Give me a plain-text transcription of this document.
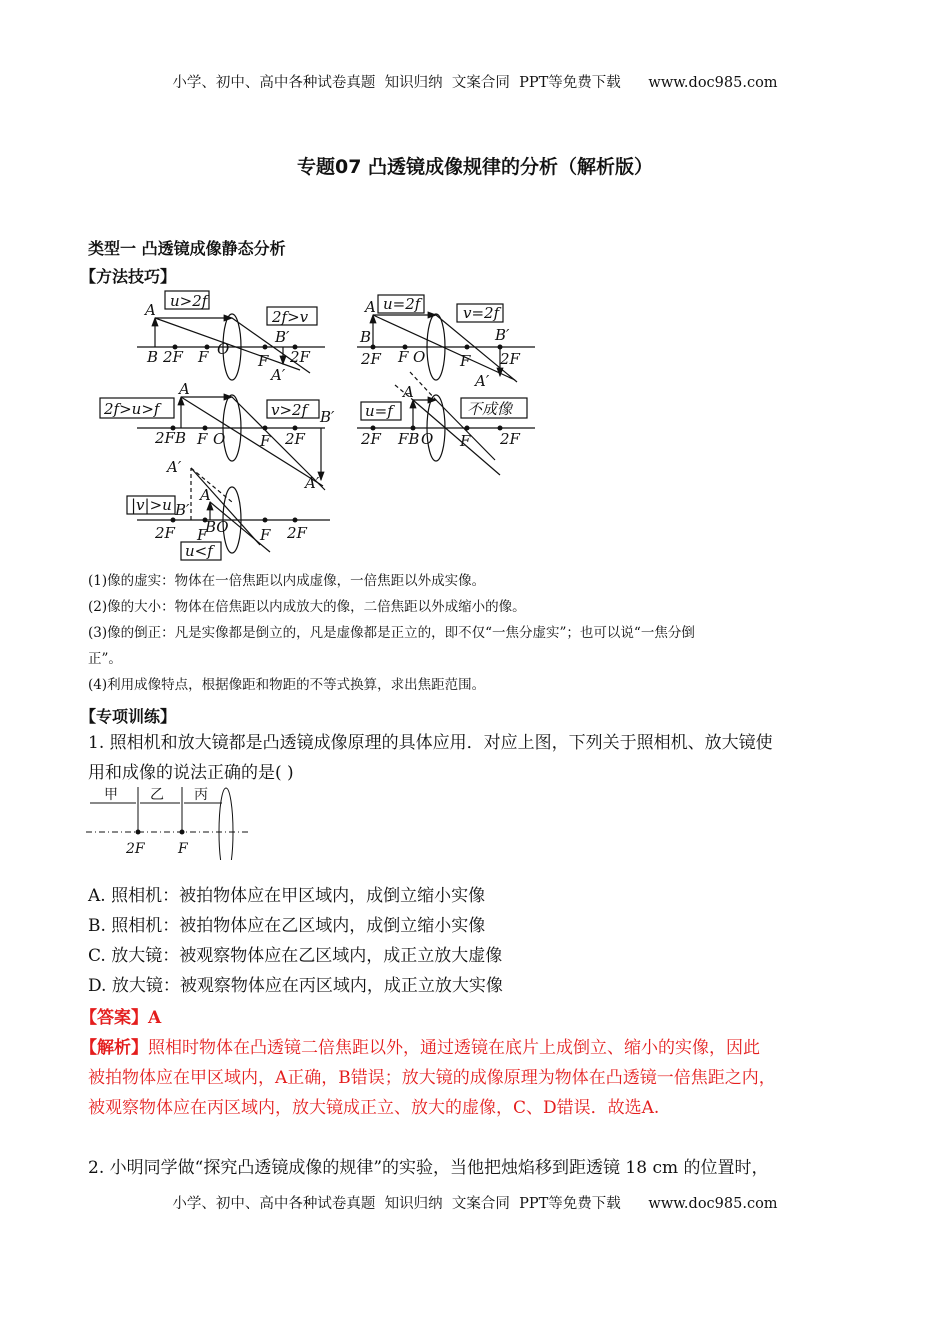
小学、初中、高中各种试卷真题  知识归纳  文案合同  PPT等免费下载      www.doc985.com
专题07 凸透镜成像规律的分析（解析版）
类型一 凸透镜成像静态分析
【方法技巧】
u>2f
2f>v
A
B 2F F O
B′
F 2F
A′
u=2f	v=2f
A
B
2F F O
B′
F 2F
A′
2f>u>f	v>2f
A
2FB F O F 2F
B′
A′
u=f	不成像
A
2F FB O F 2F
|v|>u
u<f
A′
A
B′
2F F
BO F 2F
(1)像的虚实：物体在一倍焦距以内成虚像，一倍焦距以外成实像。
(2)像的大小：物体在倍焦距以内成放大的像，二倍焦距以外成缩小的像。
(3)像的倒正：凡是实像都是倒立的，凡是虚像都是正立的，即不仅“一焦分虚实”；也可以说“一焦分倒
正”。
(4)利用成像特点，根据像距和物距的不等式换算，求出焦距范围。
【专项训练】
1. 照相机和放大镜都是凸透镜成像原理的具体应用．对应上图，下列关于照相机、放大镜使
用和成像的说法正确的是( )
甲 乙 丙
2F F
A. 照相机：被拍物体应在甲区域内，成倒立缩小实像
B. 照相机：被拍物体应在乙区域内，成倒立缩小实像
C. 放大镜：被观察物体应在乙区域内，成正立放大虚像
D. 放大镜：被观察物体应在丙区域内，成正立放大实像
【答案】A
【解析】照相时物体在凸透镜二倍焦距以外，通过透镜在底片上成倒立、缩小的实像，因此
被拍物体应在甲区域内，A正确，B错误；放大镜的成像原理为物体在凸透镜一倍焦距之内，
被观察物体应在丙区域内，放大镜成正立、放大的虚像，C、D错误．故选A.
2. 小明同学做“探究凸透镜成像的规律”的实验，当他把烛焰移到距透镜 18 cm 的位置时，
小学、初中、高中各种试卷真题  知识归纳  文案合同  PPT等免费下载      www.doc985.com
